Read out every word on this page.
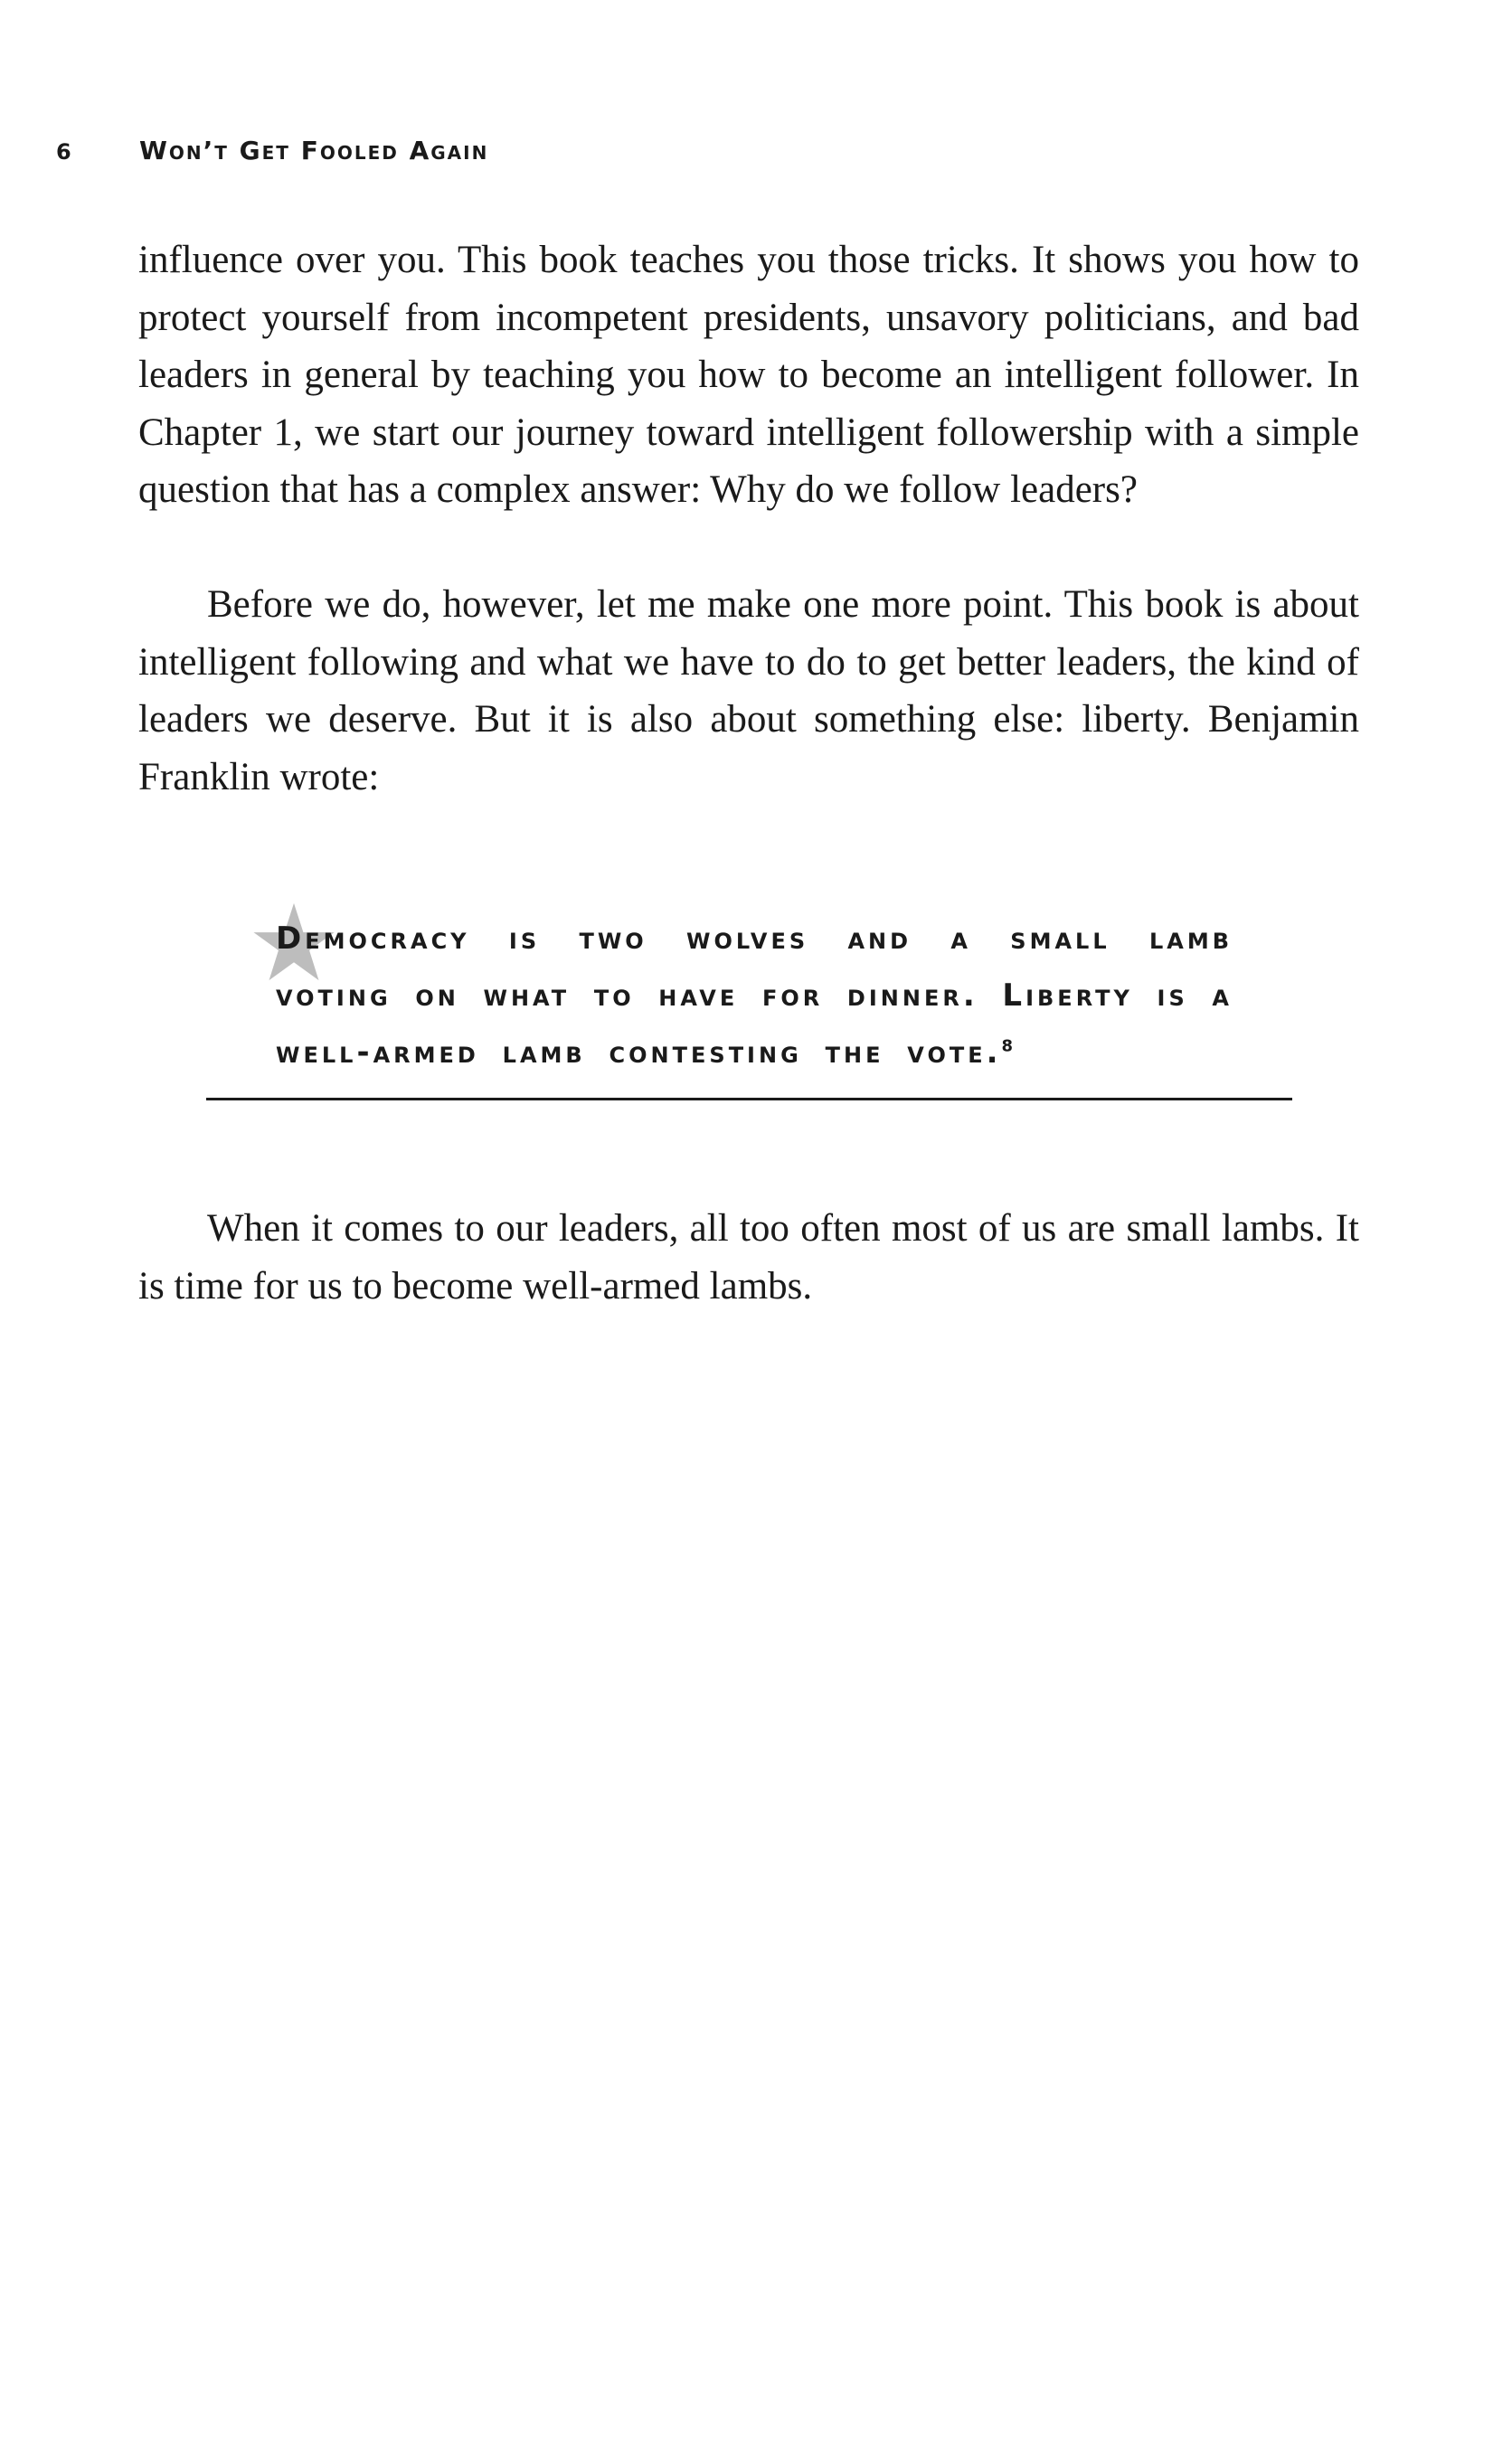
6	Won’t Get Fooled Again

influence over you. This book teaches you those tricks. It shows you how to protect yourself from incompetent presidents, unsavory politicians, and bad leaders in general by teaching you how to become an intelligent follower. In Chapter 1, we start our journey toward intelligent followership with a simple question that has a complex answer: Why do we follow leaders?

Before we do, however, let me make one more point. This book is about intelligent following and what we have to do to get better leaders, the kind of leaders we deserve. But it is also about something else: liberty. Benjamin Franklin wrote:

Democracy is two wolves and a small lamb voting on what to have for dinner. Liberty is a well-armed lamb contesting the vote.$^8$

When it comes to our leaders, all too often most of us are small lambs. It is time for us to become well-armed lambs.
